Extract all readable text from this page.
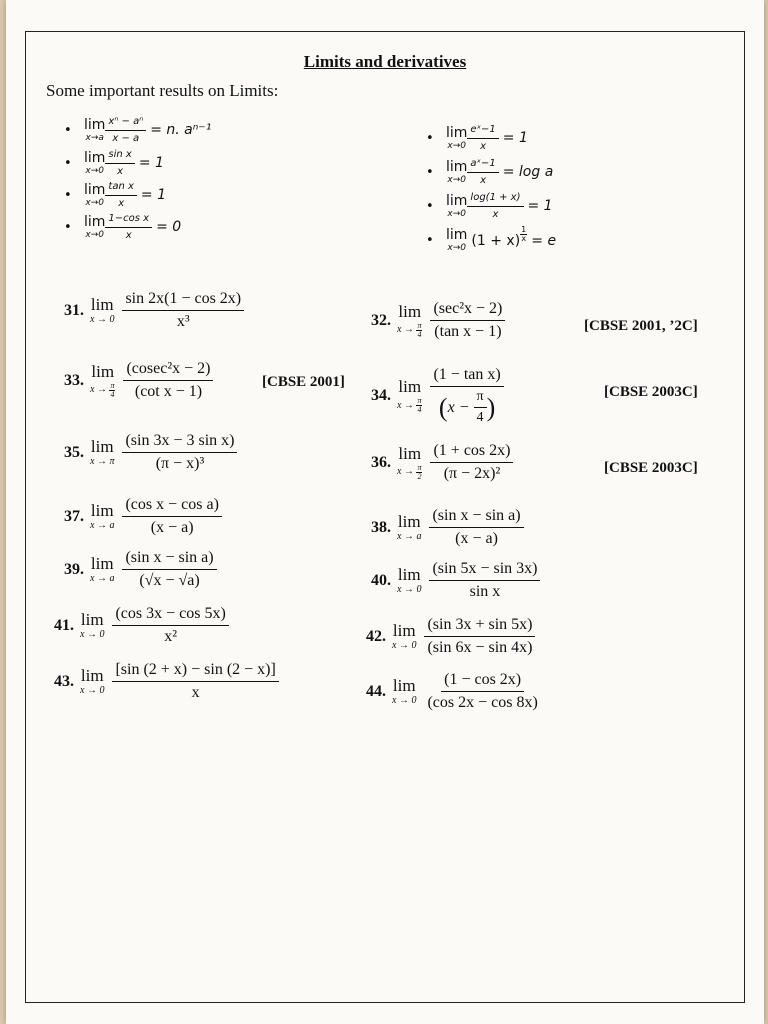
Limits and derivatives
Some important results on Limits:
• lim
$x\to a \frac{\text{xⁿ − aⁿ}}{x - a} = n$. aⁿ⁻¹
• lim
$x\to 0 \frac{\text{sin x}}{x} = 1$
• lim
$x\to 0 \frac{\text{tan x}}{x} = 1$
• lim
$x\to 0 \frac{\text{1−cos x}}{x} = 0$
• lim
$x\to 0 \frac{\text{eˣ−1}}{x} = 1$
• lim
$x\to 0 \frac{\text{aˣ−1}}{x} = \log a$
• lim
$x\to 0 \frac{\log(1 + x)}{x} = 1$
• lim
x→0 $(1 + x) \frac{1}{x} = e$
31. lim
$x \to 0 \frac{\sin 2x(1 - \cos 2x)}{\text{x³}}$	32. lim
x →
π
$4 \frac{\text{(sec²x − 2)}}{\text{(tan x − 1)}}$	[CBSE 2001, ’2C]
33. lim
x →
π
$4 \frac{\text{(cosec²x − 2)}}{\text{(cot x − 1)}}$	[CBSE 2001]
34. lim
x →
π
4 (1 − tan x)
( x −
$\frac{\pi}{4}$ )	[CBSE 2003C]
35. lim
x → π $\frac{\text{(sin 3x − 3 sin x)}}{\text{(π − x)³}}$	36. lim
x →
π
$2 \frac{(1 + \cos 2x)}{\text{(π − 2x)²}}$	[CBSE 2003C]
37. lim
x → a $\frac{\text{(cos x − cos a)}}{(x - a)}$	38. lim
x → a $\frac{\text{(sin x − sin a)}}{(x - a)}$
39. lim
x → a $\frac{\text{(sin x − sin a)}}{(√x - √a)}$	40. lim
$x \to 0 \frac{(\sin 5x - \sin 3x)}{\text{sin x}}$
41. lim
$x \to 0 \frac{(\cos 3x - \cos 5x)}{\text{x²}}$	42. lim
$x \to 0 \frac{(\sin 3x + \sin 5x)}{(\sin 6x - \sin 4x)}$
43. lim
$x \to 0 \frac{[\sin (2 + x) - \sin (2 - x)]}{x}$	44. lim
$x \to 0 \frac{(1 - \cos 2x)}{(\cos 2x - \cos 8x)}$
